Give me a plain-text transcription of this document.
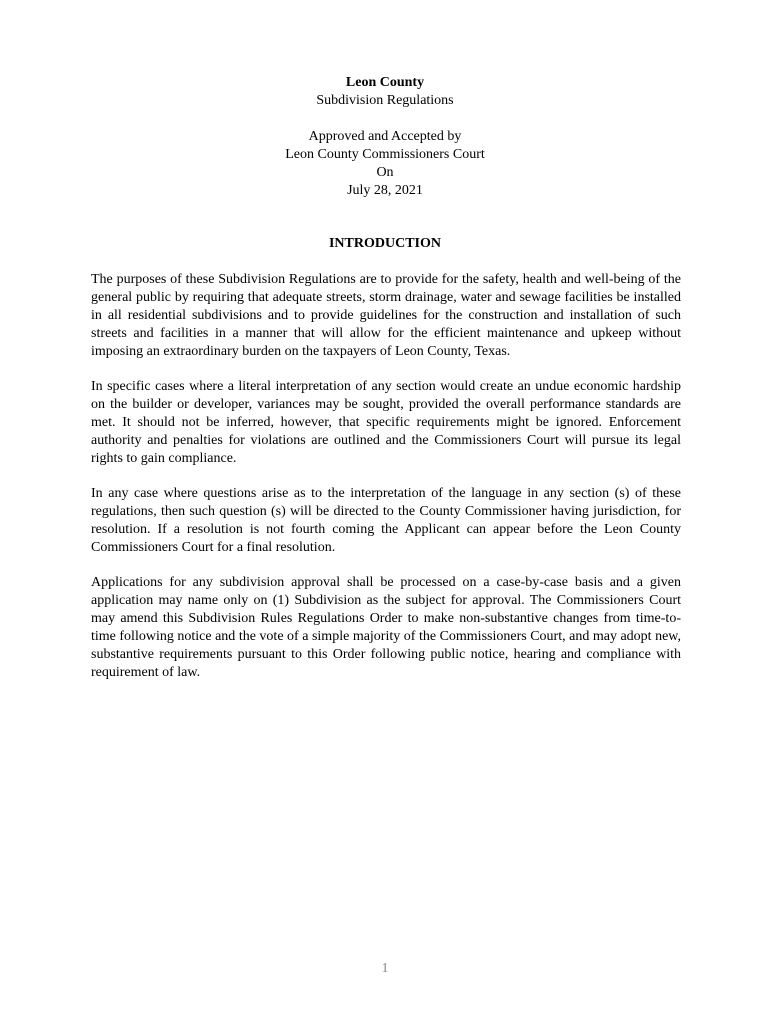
Leon County
Subdivision Regulations
Approved and Accepted by
Leon County Commissioners Court
On
July 28, 2021
INTRODUCTION

The purposes of these Subdivision Regulations are to provide for the safety, health and well-being of the general public by requiring that adequate streets, storm drainage, water and sewage facilities be installed in all residential subdivisions and to provide guidelines for the construction and installation of such streets and facilities in a manner that will allow for the efficient maintenance and upkeep without imposing an extraordinary burden on the taxpayers of Leon County, Texas.

In specific cases where a literal interpretation of any section would create an undue economic hardship on the builder or developer, variances may be sought, provided the overall performance standards are met. It should not be inferred, however, that specific requirements might be ignored. Enforcement authority and penalties for violations are outlined and the Commissioners Court will pursue its legal rights to gain compliance.

In any case where questions arise as to the interpretation of the language in any section (s) of these regulations, then such question (s) will be directed to the County Commissioner having jurisdiction, for resolution. If a resolution is not fourth coming the Applicant can appear before the Leon County Commissioners Court for a final resolution.

Applications for any subdivision approval shall be processed on a case-by-case basis and a given application may name only on (1) Subdivision as the subject for approval. The Commissioners Court may amend this Subdivision Rules Regulations Order to make non-substantive changes from time-to-time following notice and the vote of a simple majority of the Commissioners Court, and may adopt new, substantive requirements pursuant to this Order following public notice, hearing and compliance with requirement of law.

1
